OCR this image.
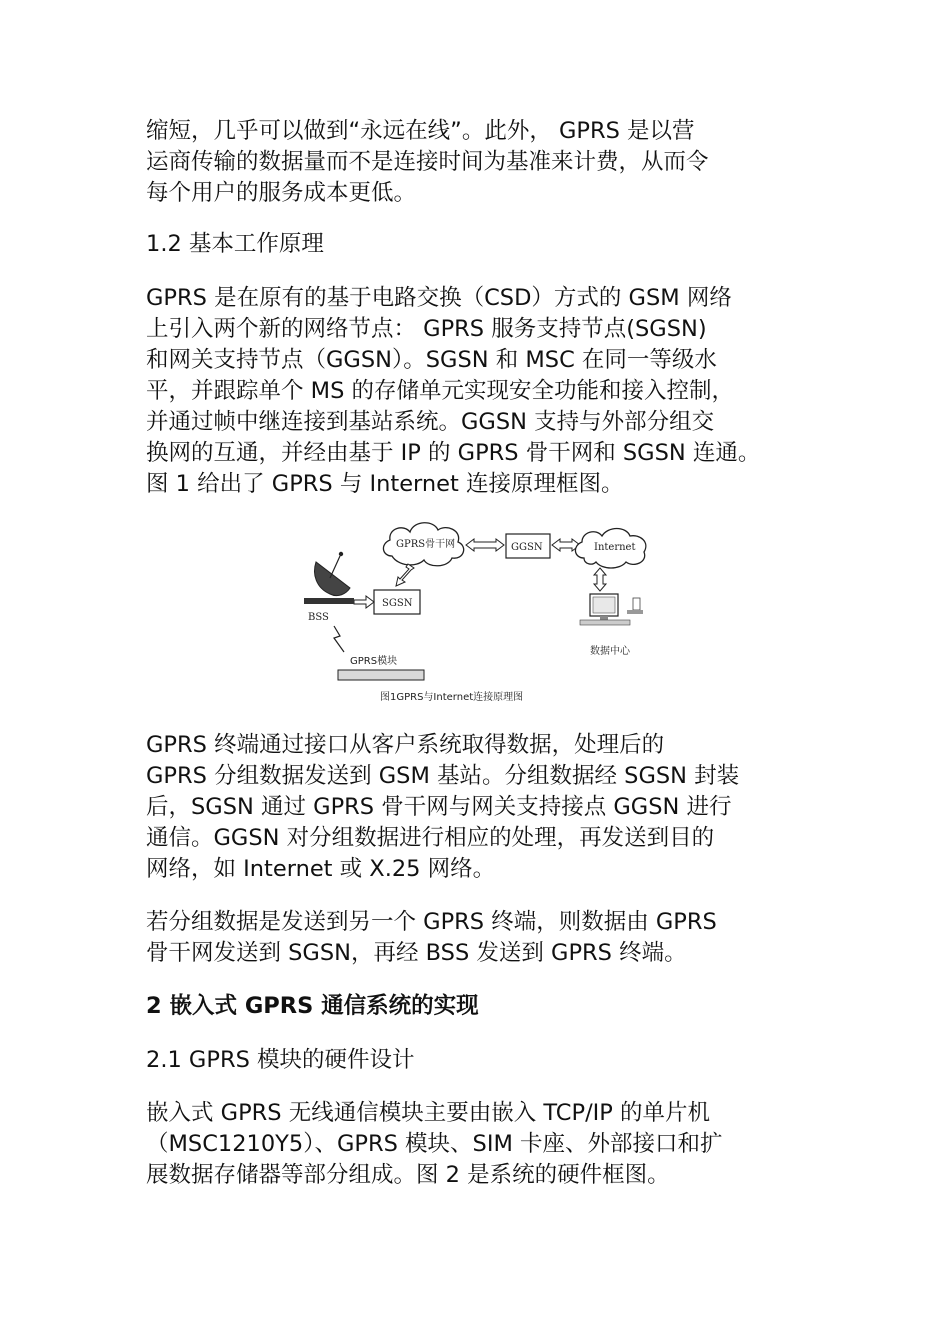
缩短，几乎可以做到“永远在线”。此外， GPRS 是以营
运商传输的数据量而不是连接时间为基准来计费，从而令
每个用户的服务成本更低。
1.2 基本工作原理
GPRS 是在原有的基于电路交换（CSD）方式的 GSM 网络
上引入两个新的网络节点： GPRS 服务支持节点(SGSN)
和网关支持节点（GGSN）。SGSN 和 MSC 在同一等级水
平，并跟踪单个 MS 的存储单元实现安全功能和接入控制，
并通过帧中继连接到基站系统。GGSN 支持与外部分组交
换网的互通，并经由基于 IP 的 GPRS 骨干网和 SGSN 连通。
图 1 给出了 GPRS 与 Internet 连接原理框图。
GPRS骨干网	GGSN	Internet
数据中心
SGSN
BSS
GPRS模块
图1GPRS与Internet连接原理图
GPRS 终端通过接口从客户系统取得数据，处理后的
GPRS 分组数据发送到 GSM 基站。分组数据经 SGSN 封装
后，SGSN 通过 GPRS 骨干网与网关支持接点 GGSN 进行
通信。GGSN 对分组数据进行相应的处理，再发送到目的
网络，如 Internet 或 X.25 网络。
若分组数据是发送到另一个 GPRS 终端，则数据由 GPRS
骨干网发送到 SGSN，再经 BSS 发送到 GPRS 终端。
2 嵌入式 GPRS 通信系统的实现
2.1 GPRS 模块的硬件设计
嵌入式 GPRS 无线通信模块主要由嵌入 TCP/IP 的单片机
（MSC1210Y5）、GPRS 模块、SIM 卡座、外部接口和扩
展数据存储器等部分组成。图 2 是系统的硬件框图。
